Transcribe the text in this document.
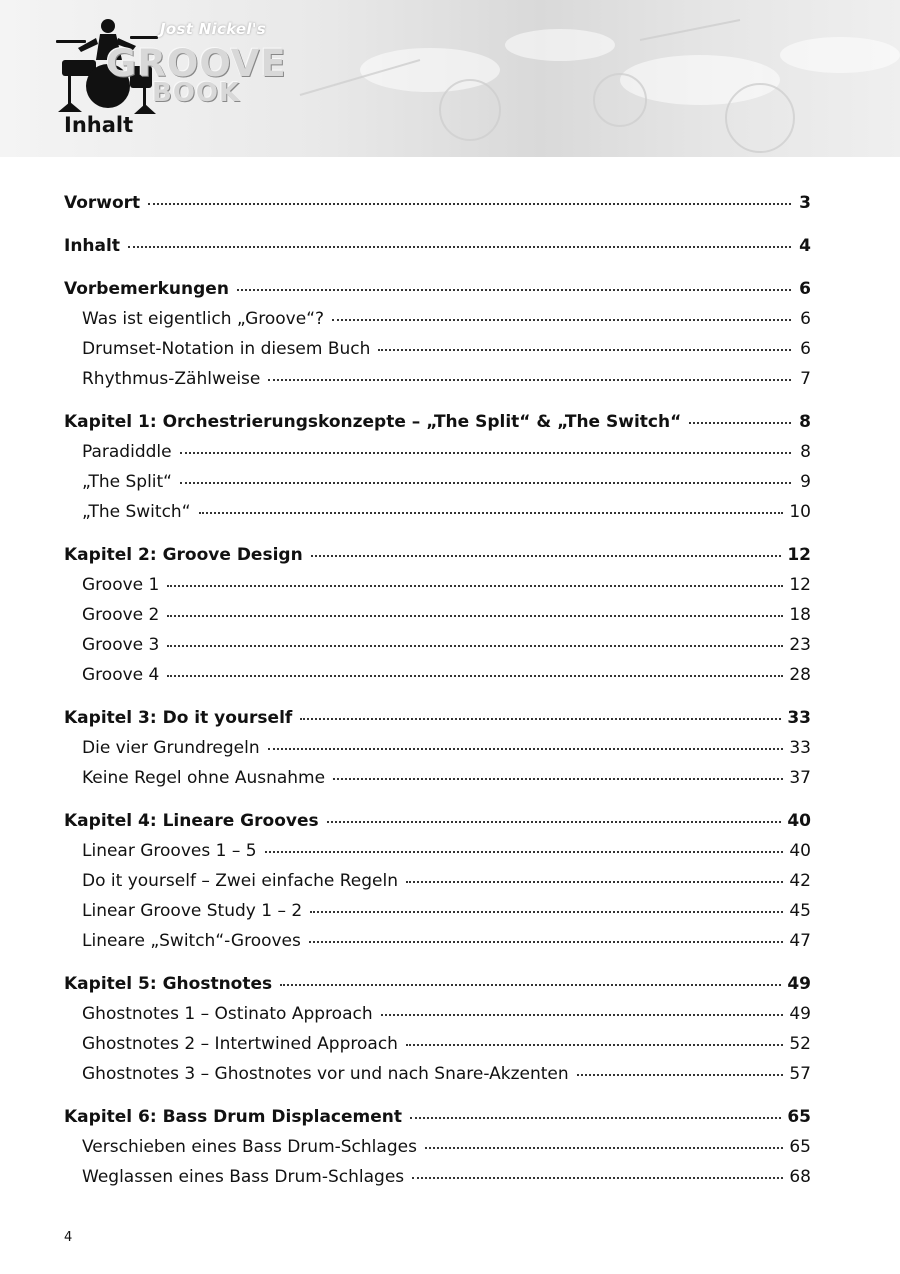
Jost Nickel's
GROOVE
BOOK
Inhalt
Vorwort	3
Inhalt	4
Vorbemerkungen	6
Was ist eigentlich „Groove“?	6
Drumset-Notation in diesem Buch	6
Rhythmus-Zählweise	7
Kapitel 1: Orchestrierungskonzepte – „The Split“ & „The Switch“	8
Paradiddle	8
„The Split“	9
„The Switch“	10
Kapitel 2: Groove Design	12
Groove 1	12
Groove 2	18
Groove 3	23
Groove 4	28
Kapitel 3: Do it yourself	33
Die vier Grundregeln	33
Keine Regel ohne Ausnahme	37
Kapitel 4: Lineare Grooves	40
Linear Grooves 1 – 5	40
Do it yourself – Zwei einfache Regeln	42
Linear Groove Study 1 – 2	45
Lineare „Switch“-Grooves	47
Kapitel 5: Ghostnotes	49
Ghostnotes 1 – Ostinato Approach	49
Ghostnotes 2 – Intertwined Approach	52
Ghostnotes 3 – Ghostnotes vor und nach Snare-Akzenten	57
Kapitel 6: Bass Drum Displacement	65
Verschieben eines Bass Drum-Schlages	65
Weglassen eines Bass Drum-Schlages	68
4
